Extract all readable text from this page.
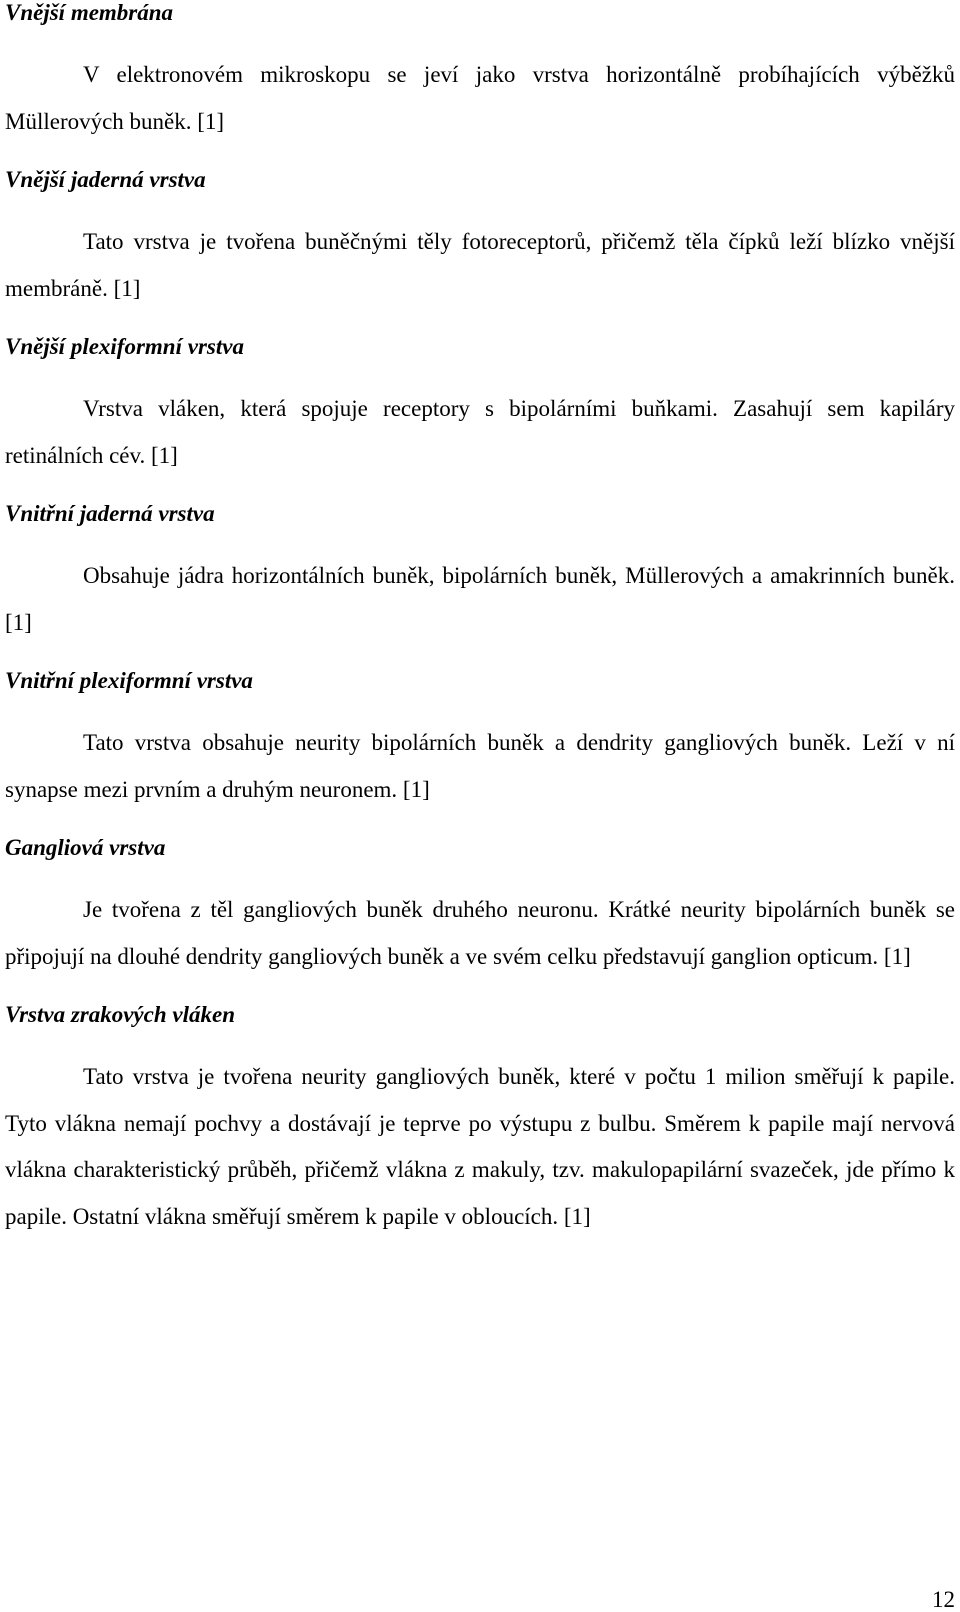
Vnější membrána

V elektronovém mikroskopu se jeví jako vrstva horizontálně probíhajících výběžků Müllerových buněk. [1]

Vnější jaderná vrstva

Tato vrstva je tvořena buněčnými těly fotoreceptorů, přičemž těla čípků leží blízko vnější membráně. [1]

Vnější plexiformní vrstva

Vrstva vláken, která spojuje receptory s bipolárními buňkami. Zasahují sem kapiláry retinálních cév. [1]

Vnitřní jaderná vrstva

Obsahuje jádra horizontálních buněk, bipolárních buněk, Müllerových a amakrinních buněk. [1]

Vnitřní plexiformní vrstva

Tato vrstva obsahuje neurity bipolárních buněk a dendrity gangliových buněk. Leží v ní synapse mezi prvním a druhým neuronem. [1]

Gangliová vrstva

Je tvořena z těl gangliových buněk druhého neuronu. Krátké neurity bipolárních buněk se připojují na dlouhé dendrity gangliových buněk a ve svém celku představují ganglion opticum. [1]

Vrstva zrakových vláken

Tato vrstva je tvořena neurity gangliových buněk, které v počtu 1 milion směřují k papile. Tyto vlákna nemají pochvy a dostávají je teprve po výstupu z bulbu. Směrem k papile mají nervová vlákna charakteristický průběh, přičemž vlákna z makuly, tzv. makulopapilární svazeček, jde přímo k papile. Ostatní vlákna směřují směrem k papile v obloucích. [1]

12
